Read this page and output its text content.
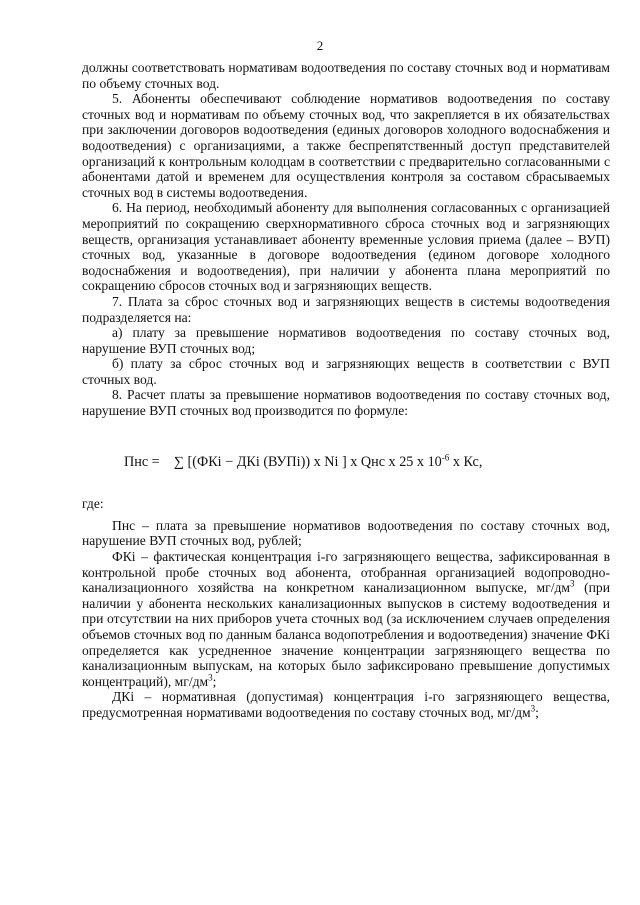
2

должны соответствовать нормативам водоотведения по составу сточных вод и нормативам по объему сточных вод.

5. Абоненты обеспечивают соблюдение нормативов водоотведения по составу сточных вод и нормативам по объему сточных вод, что закрепляется в их обязательствах при заключении договоров водоотведения (единых договоров холодного водоснабжения и водоотведения) с организациями, а также беспрепятственный доступ представителей организаций к контрольным колодцам в соответствии с предварительно согласованными с абонентами датой и временем для осуществления контроля за составом сбрасываемых сточных вод в системы водоотведения.

6. На период, необходимый абоненту для выполнения согласованных с организацией мероприятий по сокращению сверхнормативного сброса сточных вод и загрязняющих веществ, организация устанавливает абоненту временные условия приема (далее – ВУП) сточных вод, указанные в договоре водоотведения (едином договоре холодного водоснабжения и водоотведения), при наличии у абонента плана мероприятий по сокращению сбросов сточных вод и загрязняющих веществ.

7. Плата за сброс сточных вод и загрязняющих веществ в системы водоотведения подразделяется на:

а) плату за превышение нормативов водоотведения по составу сточных вод, нарушение ВУП сточных вод;

б) плату за сброс сточных вод и загрязняющих веществ в соответствии с ВУП сточных вод.

8. Расчет платы за превышение нормативов водоотведения по составу сточных вод, нарушение ВУП сточных вод производится по формуле:

Пнс = ∑ [(ФКi − ДКi (ВУПi)) x Ni ] x Qнс x 25 x $10^{-6}$ x Кс,

где:

Пнс – плата за превышение нормативов водоотведения по составу сточных вод, нарушение ВУП сточных вод, рублей;

ФКi – фактическая концентрация i-го загрязняющего вещества, зафиксированная в контрольной пробе сточных вод абонента, отобранная организацией водопроводно-канализационного хозяйства на конкретном канализационном выпуске, $мг/дм^3$ (при наличии у абонента нескольких канализационных выпусков в систему водоотведения и при отсутствии на них приборов учета сточных вод (за исключением случаев определения объемов сточных вод по данным баланса водопотребления и водоотведения) значение ФКi определяется как усредненное значение концентрации загрязняющего вещества по канализационным выпускам, на которых было зафиксировано превышение допустимых концентраций), $мг/дм^3$;

ДКi – нормативная (допустимая) концентрация i-го загрязняющего вещества, предусмотренная нормативами водоотведения по составу сточных вод, $мг/дм^3$;
